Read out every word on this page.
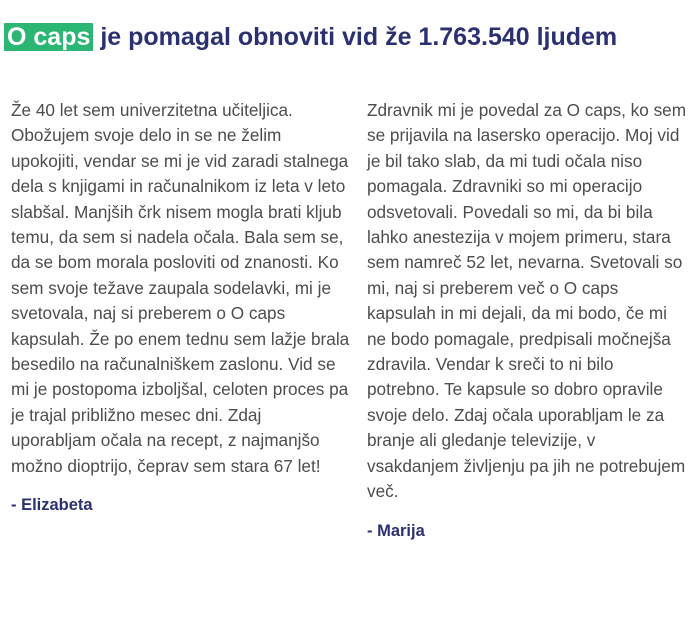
O caps je pomagal obnoviti vid že 1.763.540 ljudem

Že 40 let sem univerzitetna učiteljica. Obožujem svoje delo in se ne želim upokojiti, vendar se mi je vid zaradi stalnega dela s knjigami in računalnikom iz leta v leto slabšal. Manjših črk nisem mogla brati kljub temu, da sem si nadela očala. Bala sem se, da se bom morala posloviti od znanosti. Ko sem svoje težave zaupala sodelavki, mi je svetovala, naj si preberem o O caps kapsulah. Že po enem tednu sem lažje brala besedilo na računalniškem zaslonu. Vid se mi je postopoma izboljšal, celoten proces pa je trajal približno mesec dni. Zdaj uporabljam očala na recept, z najmanjšo možno dioptrijo, čeprav sem stara 67 let!

- Elizabeta

Zdravnik mi je povedal za O caps, ko sem se prijavila na lasersko operacijo. Moj vid je bil tako slab, da mi tudi očala niso pomagala. Zdravniki so mi operacijo odsvetovali. Povedali so mi, da bi bila lahko anestezija v mojem primeru, stara sem namreč 52 let, nevarna. Svetovali so mi, naj si preberem več o O caps kapsulah in mi dejali, da mi bodo, če mi ne bodo pomagale, predpisali močnejša zdravila. Vendar k sreči to ni bilo potrebno. Te kapsule so dobro opravile svoje delo. Zdaj očala uporabljam le za branje ali gledanje televizije, v vsakdanjem življenju pa jih ne potrebujem več.

- Marija
